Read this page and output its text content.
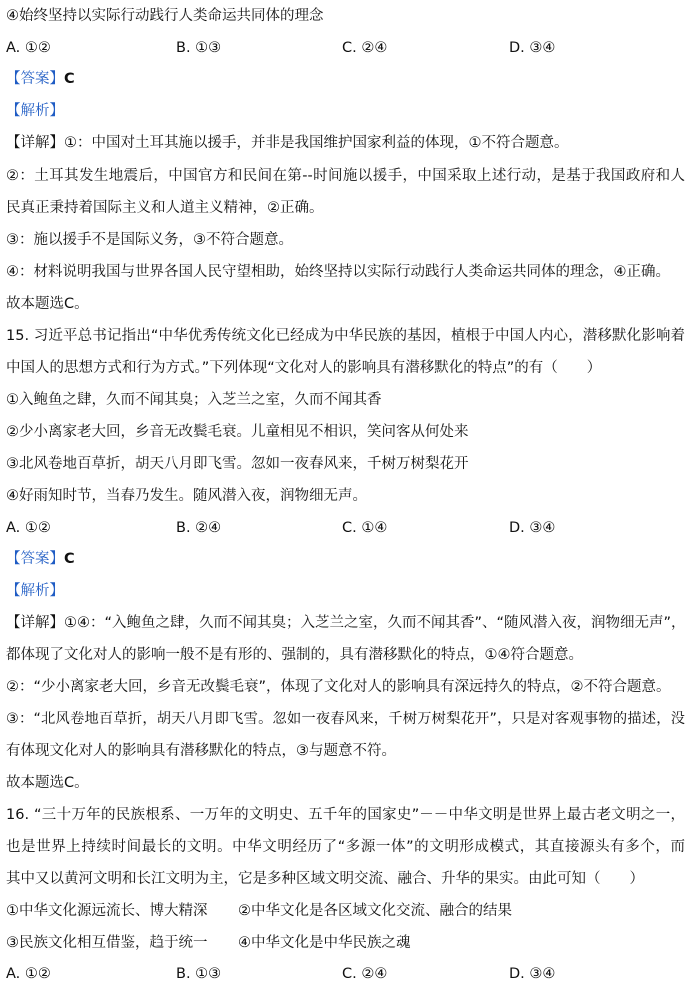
④始终坚持以实际行动践行人类命运共同体的理念
A. ①②	B. ①③	C. ②④	D. ③④
【答案】C
【解析】
【详解】①：中国对土耳其施以援手，并非是我国维护国家利益的体现，①不符合题意。
②：土耳其发生地震后，中国官方和民间在第--时间施以援手，中国采取上述行动，是基于我国政府和人
民真正秉持着国际主义和人道主义精神，②正确。
③：施以援手不是国际义务，③不符合题意。
④：材料说明我国与世界各国人民守望相助，始终坚持以实际行动践行人类命运共同体的理念，④正确。
故本题选C。
15. 习近平总书记指出“中华优秀传统文化已经成为中华民族的基因，植根于中国人内心，潜移默化影响着
中国人的思想方式和行为方式。”下列体现“文化对人的影响具有潜移默化的特点”的有（　　）
①入鲍鱼之肆，久而不闻其臭；入芝兰之室，久而不闻其香
②少小离家老大回，乡音无改鬓毛衰。儿童相见不相识，笑问客从何处来
③北风卷地百草折，胡天八月即飞雪。忽如一夜春风来，千树万树梨花开
④好雨知时节，当春乃发生。随风潜入夜，润物细无声。
A. ①②	B. ②④	C. ①④	D. ③④
【答案】C
【解析】
【详解】①④：“入鲍鱼之肆，久而不闻其臭；入芝兰之室，久而不闻其香”、“随风潜入夜，润物细无声”，
都体现了文化对人的影响一般不是有形的、强制的，具有潜移默化的特点，①④符合题意。
②：“少小离家老大回，乡音无改鬓毛衰”，体现了文化对人的影响具有深远持久的特点，②不符合题意。
③：“北风卷地百草折，胡天八月即飞雪。忽如一夜春风来，千树万树梨花开”，只是对客观事物的描述，没
有体现文化对人的影响具有潜移默化的特点，③与题意不符。
故本题选C。
16. “三十万年的民族根系、一万年的文明史、五千年的国家史”－－中华文明是世界上最古老文明之一，
也是世界上持续时间最长的文明。中华文明经历了“多源一体”的文明形成模式，其直接源头有多个，而
其中又以黄河文明和长江文明为主，它是多种区域文明交流、融合、升华的果实。由此可知（　　）
①中华文化源远流长、博大精深 ②中华文化是各区域文化交流、融合的结果
③民族文化相互借鉴，趋于统一 ④中华文化是中华民族之魂
A. ①②	B. ①③	C. ②④	D. ③④
